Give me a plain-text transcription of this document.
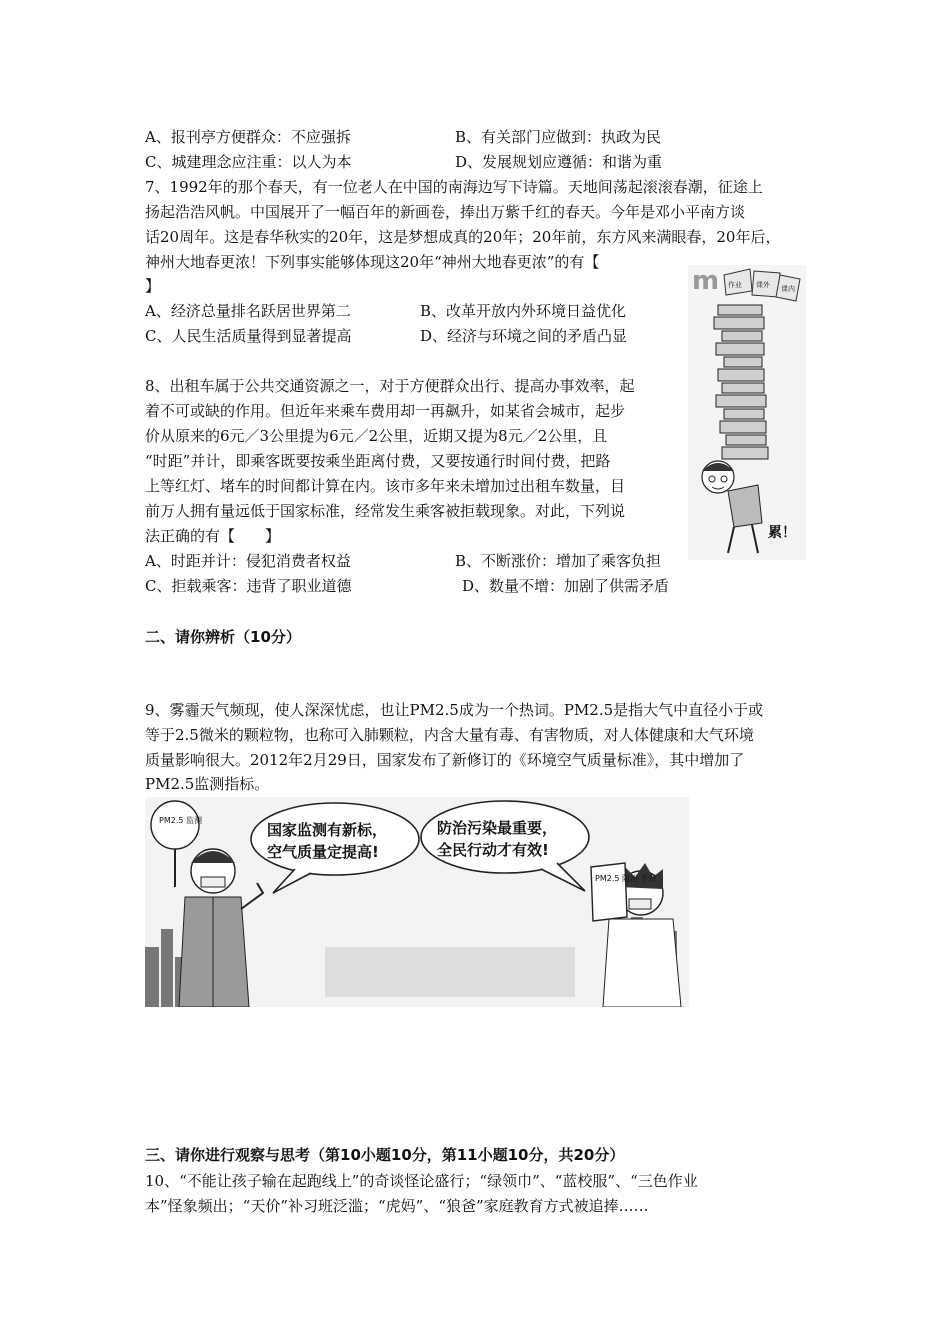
A、报刊亭方便群众：不应强拆	B、有关部门应做到：执政为民
C、城建理念应注重：以人为本	D、发展规划应遵循：和谐为重
7、1992年的那个春天，有一位老人在中国的南海边写下诗篇。天地间荡起滚滚春潮，征途上
扬起浩浩风帆。中国展开了一幅百年的新画卷，捧出万紫千红的春天。今年是邓小平南方谈
话20周年。这是春华秋实的20年，这是梦想成真的20年；20年前，东方风来满眼春，20年后，
神州大地春更浓！下列事实能够体现这20年“神州大地春更浓”的有【
】
A、经济总量排名跃居世界第二	B、改革开放内外环境日益优化
C、人民生活质量得到显著提高	D、经济与环境之间的矛盾凸显
m 作业 课外 课内
累！
8、出租车属于公共交通资源之一，对于方便群众出行、提高办事效率，起
着不可或缺的作用。但近年来乘车费用却一再飙升，如某省会城市，起步
价从原来的6元／3公里提为6元／2公里，近期又提为8元／2公里，且
“时距”并计，即乘客既要按乘坐距离付费，又要按通行时间付费，把路
上等红灯、堵车的时间都计算在内。该市多年来未增加过出租车数量，目
前万人拥有量远低于国家标准，经常发生乘客被拒载现象。对此，下列说
法正确的有【　　】
A、时距并计：侵犯消费者权益	B、不断涨价：增加了乘客负担
C、拒载乘客：违背了职业道德	D、数量不增：加剧了供需矛盾
二、请你辨析（10分）
9、雾霾天气频现，使人深深忧虑，也让PM2.5成为一个热词。PM2.5是指大气中直径小于或
等于2.5微米的颗粒物，也称可入肺颗粒，内含大量有毒、有害物质，对人体健康和大气环境
质量影响很大。2012年2月29日，国家发布了新修订的《环境空气质量标准》，其中增加了
PM2.5监测指标。
PM2.5 监测
国家监测有新标，
空气质量定提高!
防治污染最重要，
全民行动才有效!
PM2.5 防治 手册
三、请你进行观察与思考（第10小题10分，第11小题10分，共20分）
10、“不能让孩子输在起跑线上”的奇谈怪论盛行；“绿领巾”、“蓝校服”、“三色作业
本”怪象频出；“天价”补习班泛滥；“虎妈”、“狼爸”家庭教育方式被追捧……
